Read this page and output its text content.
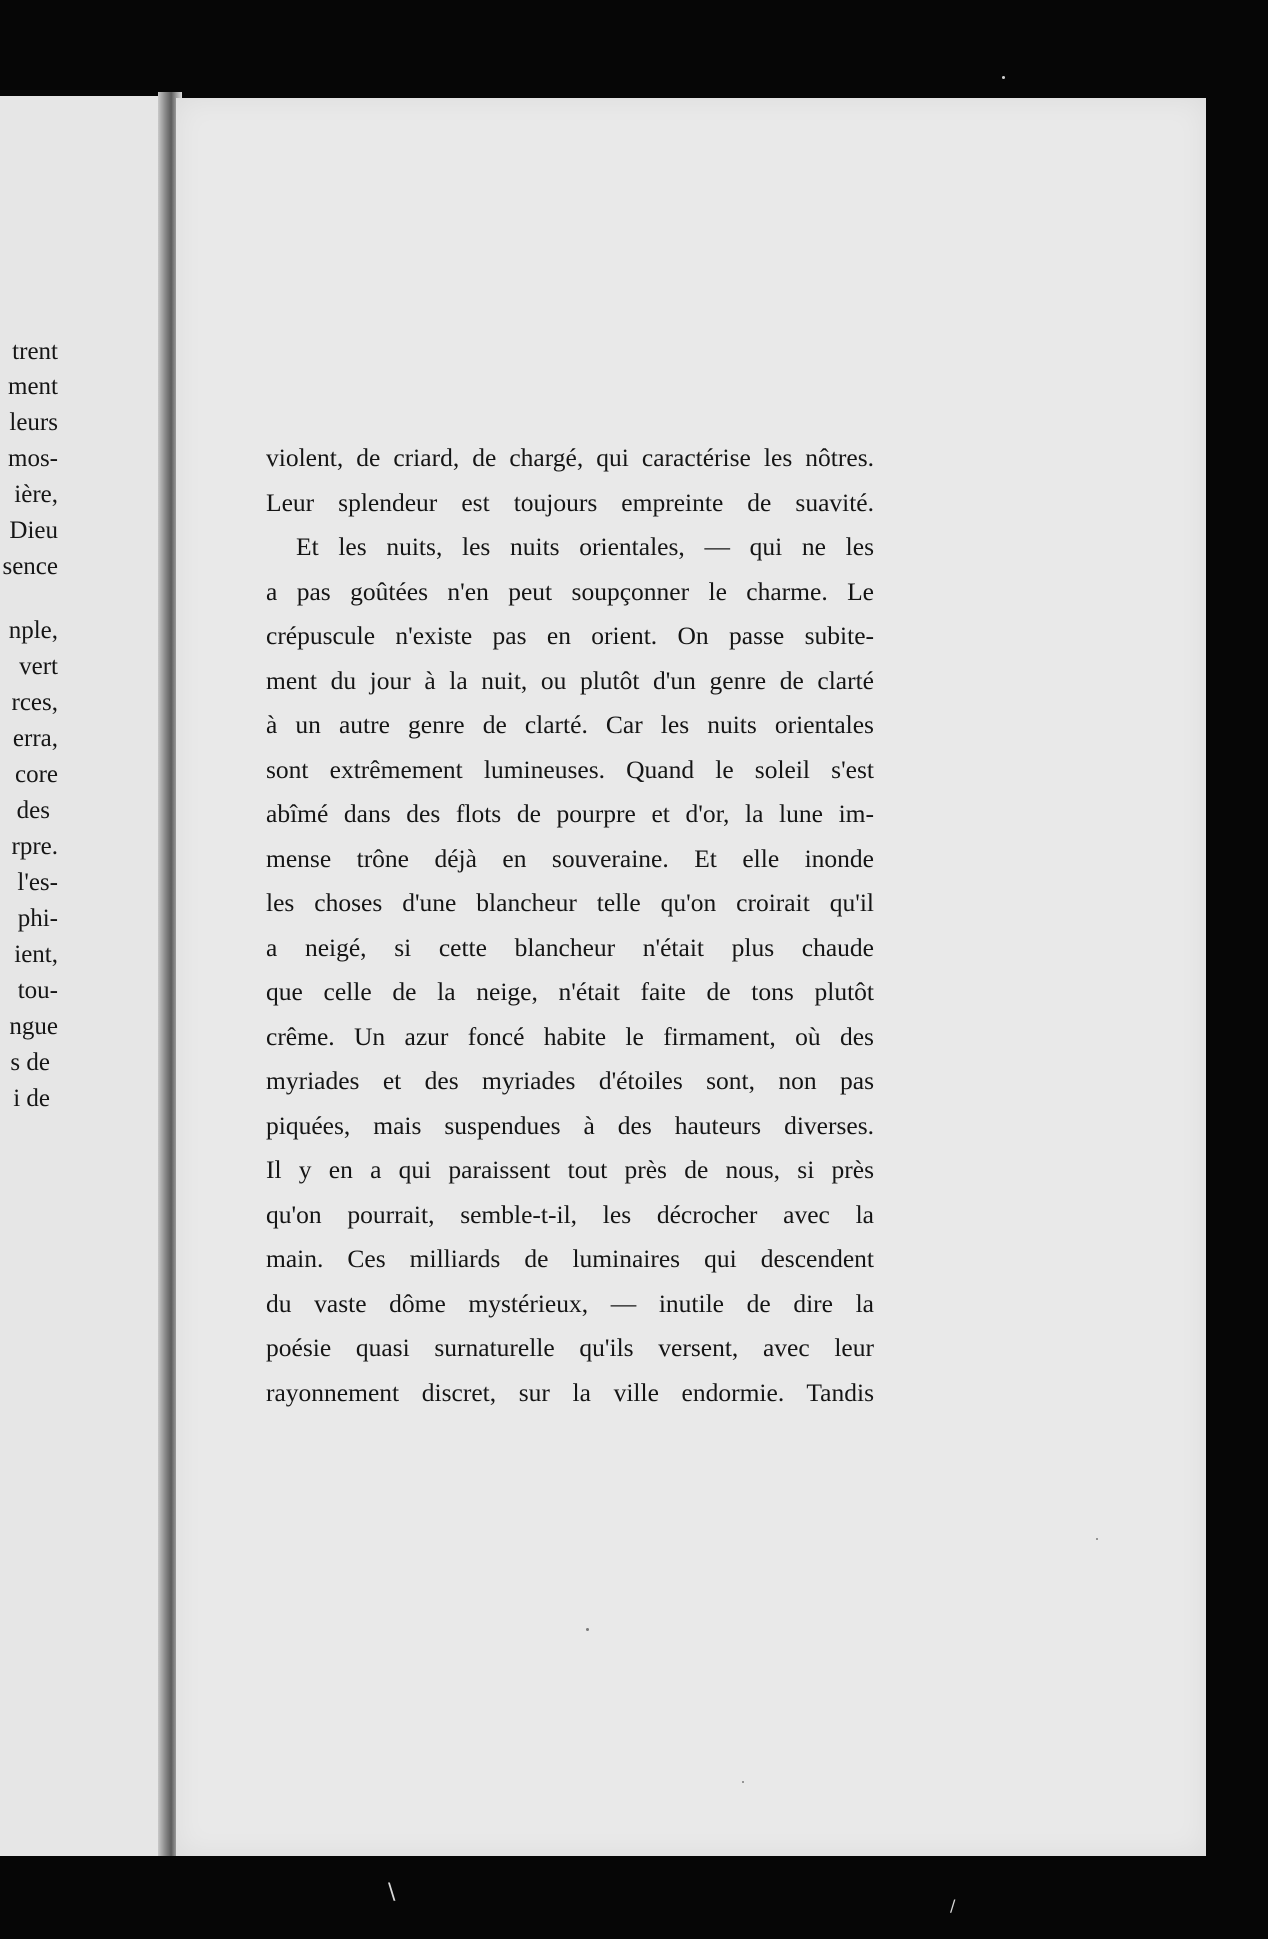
trent
ment
leurs
mos-
ière,
Dieu
sence
nple,
vert
rces,
erra,
core
des
rpre.
l'es-
phi-
ient,
tou-
ngue
s de
i de
violent, de criard, de chargé, qui caractérise les nôtres.
Leur splendeur est toujours empreinte de suavité.
Et les nuits, les nuits orientales, — qui ne les
a pas goûtées n'en peut soupçonner le charme. Le
crépuscule n'existe pas en orient. On passe subite-
ment du jour à la nuit, ou plutôt d'un genre de clarté
à un autre genre de clarté. Car les nuits orientales
sont extrêmement lumineuses. Quand le soleil s'est
abîmé dans des flots de pourpre et d'or, la lune im-
mense trône déjà en souveraine. Et elle inonde
les choses d'une blancheur telle qu'on croirait qu'il
a neigé, si cette blancheur n'était plus chaude
que celle de la neige, n'était faite de tons plutôt
crême. Un azur foncé habite le firmament, où des
myriades et des myriades d'étoiles sont, non pas
piquées, mais suspendues à des hauteurs diverses.
Il y en a qui paraissent tout près de nous, si près
qu'on pourrait, semble-t-il, les décrocher avec la
main. Ces milliards de luminaires qui descendent
du vaste dôme mystérieux, — inutile de dire la
poésie quasi surnaturelle qu'ils versent, avec leur
rayonnement discret, sur la ville endormie. Tandis
\
/
